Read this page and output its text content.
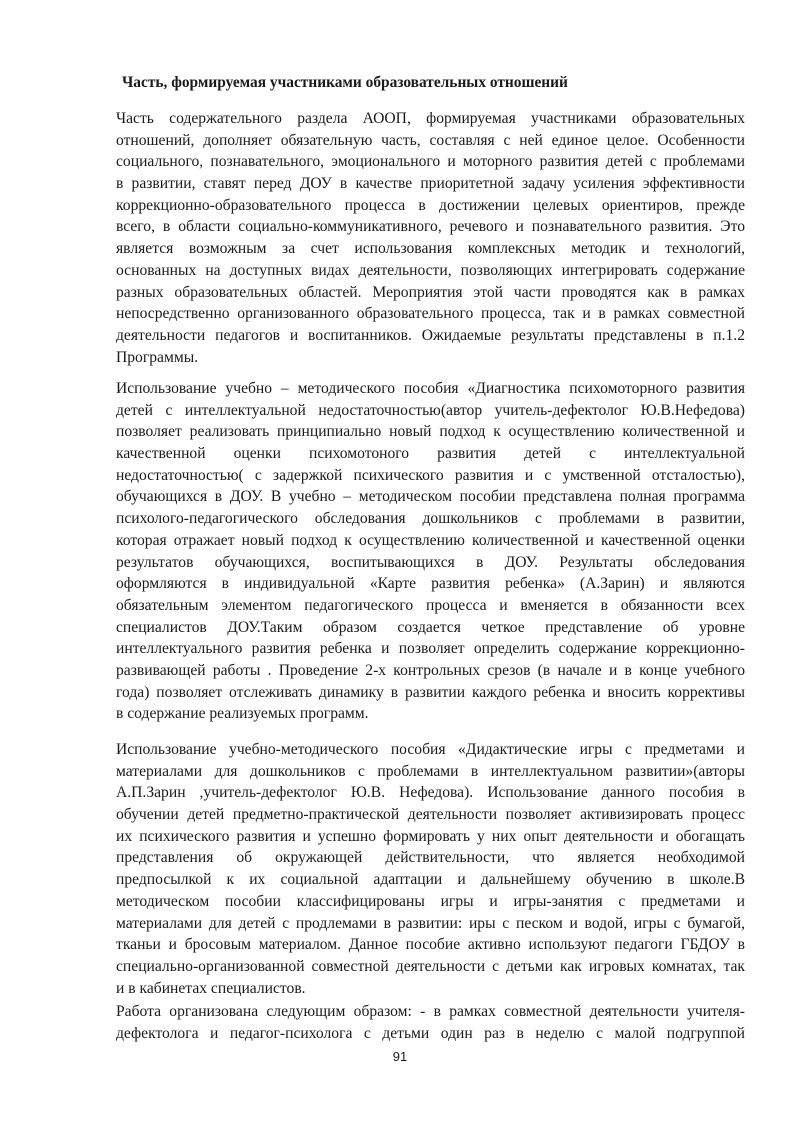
Часть, формируемая участниками образовательных отношений

Часть содержательного раздела АООП, формируемая участниками образовательных
отношений, дополняет обязательную часть, составляя с ней единое целое. Особенности
социального, познавательного, эмоционального и моторного развития детей с проблемами
в развитии, ставят перед ДОУ в качестве приоритетной задачу усиления эффективности
коррекционно-образовательного процесса в достижении целевых ориентиров, прежде
всего, в области социально-коммуникативного, речевого и познавательного развития. Это
является возможным за счет использования комплексных методик и технологий,
основанных на доступных видах деятельности, позволяющих интегрировать содержание
разных образовательных областей. Мероприятия этой части проводятся как в рамках
непосредственно организованного образовательного процесса, так и в рамках совместной
деятельности педагогов и воспитанников. Ожидаемые результаты представлены в п.1.2
Программы.

Использование учебно – методического пособия «Диагностика психомоторного развития
детей с интеллектуальной недостаточностью(автор учитель-дефектолог Ю.В.Нефедова)
позволяет реализовать принципиально новый подход к осуществлению количественной и
качественной оценки психомотоного развития детей с интеллектуальной
недостаточностью( с задержкой психического развития и с умственной отсталостью),
обучающихся в ДОУ. В учебно – методическом пособии представлена полная программа
психолого-педагогического обследования дошкольников с проблемами в развитии,
которая отражает новый подход к осуществлению количественной и качественной оценки
результатов обучающихся, воспитывающихся в ДОУ. Результаты обследования
оформляются в индивидуальной «Карте развития ребенка» (А.Зарин) и являются
обязательным элементом педагогического процесса и вменяется в обязанности всех
специалистов ДОУ.Таким образом создается четкое представление об уровне
интеллектуального развития ребенка и позволяет определить содержание коррекционно-
развивающей работы . Проведение 2-х контрольных срезов (в начале и в конце учебного
года) позволяет отслеживать динамику в развитии каждого ребенка и вносить коррективы
в содержание реализуемых программ.

Использование учебно-методического пособия «Дидактические игры с предметами и
материалами для дошкольников с проблемами в интеллектуальном развитии»(авторы
А.П.Зарин ,учитель-дефектолог Ю.В. Нефедова). Использование данного пособия в
обучении детей предметно-практической деятельности позволяет активизировать процесс
их психического развития и успешно формировать у них опыт деятельности и обогащать
представления об окружающей действительности, что является необходимой
предпосылкой к их социальной адаптации и дальнейшему обучению в школе.В
методическом пособии классифицированы игры и игры-занятия с предметами и
материалами для детей с продлемами в развитии: иры с песком и водой, игры с бумагой,
тканьи и бросовым материалом. Данное пособие активно используют педагоги ГБДОУ в
специально-организованной совместной деятельности с детьми как игровых комнатах, так
и в кабинетах специалистов.

Работа организована следующим образом: - в рамках совместной деятельности учителя-
дефектолога и педагог-психолога с детьми один раз в неделю с малой подгруппой

91
